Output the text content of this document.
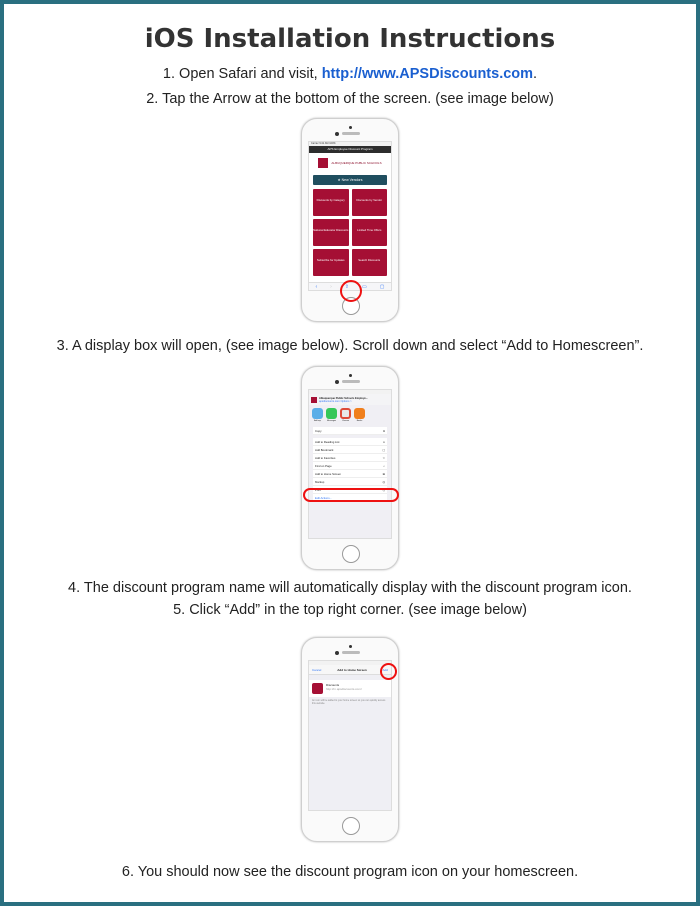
iOS Installation Instructions
1. Open Safari and visit, http://www.APSDiscounts.com.
2. Tap the Arrow at the bottom of the screen. (see image below)
Carrier 9:41 AM 100%
APS Employee Discount Program
ALBUQUERQUE PUBLIC SCHOOLS
★ New Vendors
Discounts by Category	Discounts by Vendor
National Educator Discounts	Limited Time Offers
Subscribe for Updates	Search Discounts
‹	›	⇧	▭	▢
3. A display box will open, (see image below). Scroll down and select “Add to Homescreen”.
Albuquerque Public Schools Employe...
apsdiscounts.com Options >
AirDrop	Messages	Chrome	Books
Copy	⧉
Add to Reading List	∞
Add Bookmark	▢
Add to Favorites	☆
Find on Page	⌕
Add to Home Screen	⊞
Markup	◎
Print	⎙
Edit Actions...
4. The discount program name will automatically display with the discount program icon.
5. Click “Add” in the top right corner. (see image below)
Cancel	Add to Home Screen	Add
Discounts
http://m.apsdiscounts.com/
An icon will be added to your home screen so you can quickly access this website.
6. You should now see the discount program icon on your homescreen.
